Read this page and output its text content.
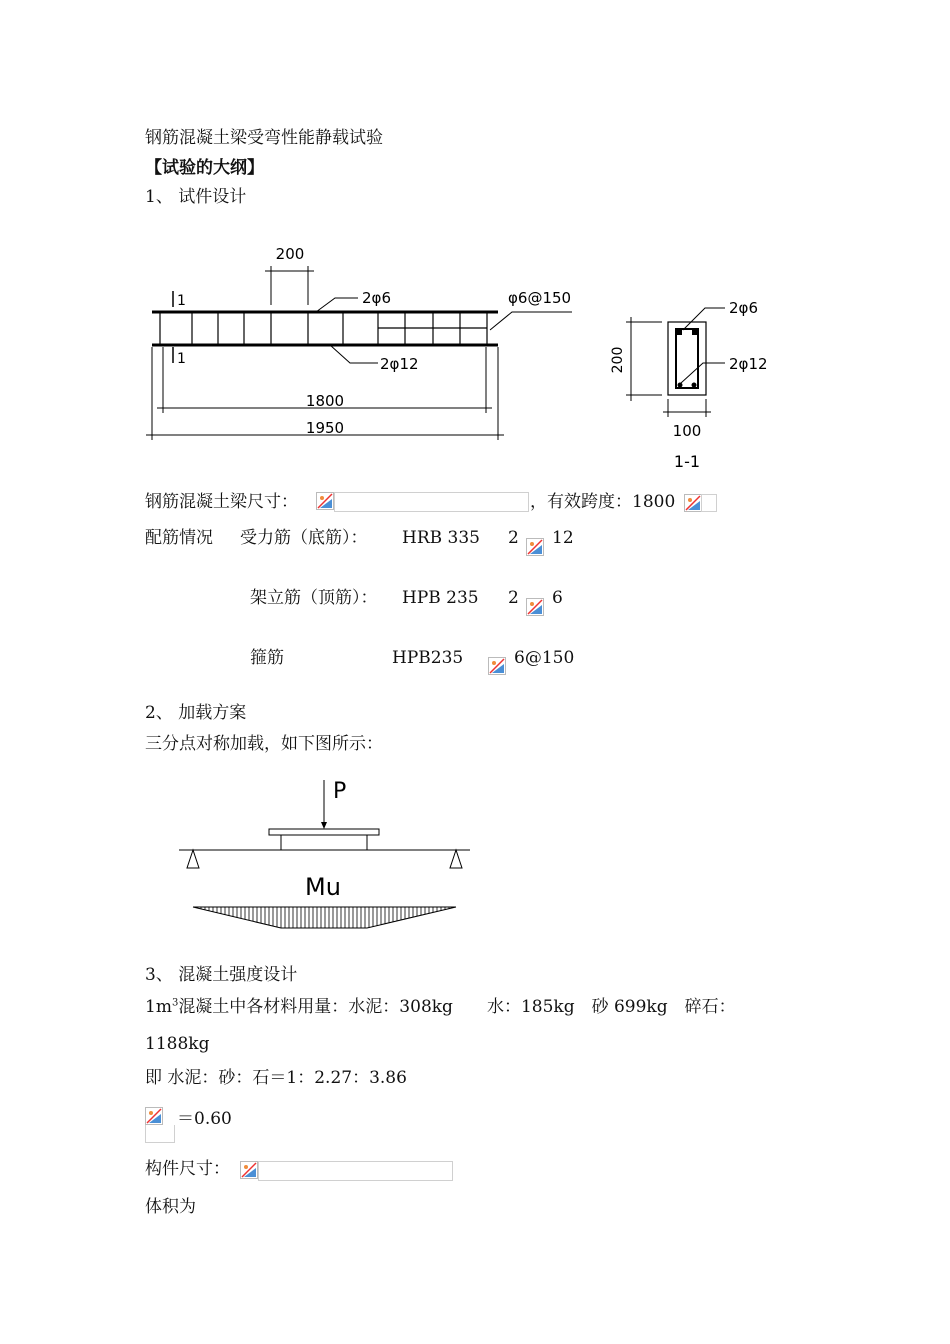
钢筋混凝土梁受弯性能静载试验
【试验的大纲】
1、 试件设计
200
1
1
2φ6	φ6@150
2φ12
1800
1950
200
2φ6
2φ12
100
1-1
钢筋混凝土梁尺寸：	，有效跨度：1800
配筋情况 受力筋（底筋）： HRB 335 2 12
架立筋（顶筋）： HPB 235 2 6
箍筋	HPB235	6@150
2、 加载方案
三分点对称加载，如下图所示：
P
Mu
3、 混凝土强度设计
$1m^3$混凝土中各材料用量：水泥：308kg　　水：185kg　砂 699kg　碎石：
1188kg
即 水泥：砂：石＝1：2.27：3.86
＝0.60
构件尺寸：
体积为
